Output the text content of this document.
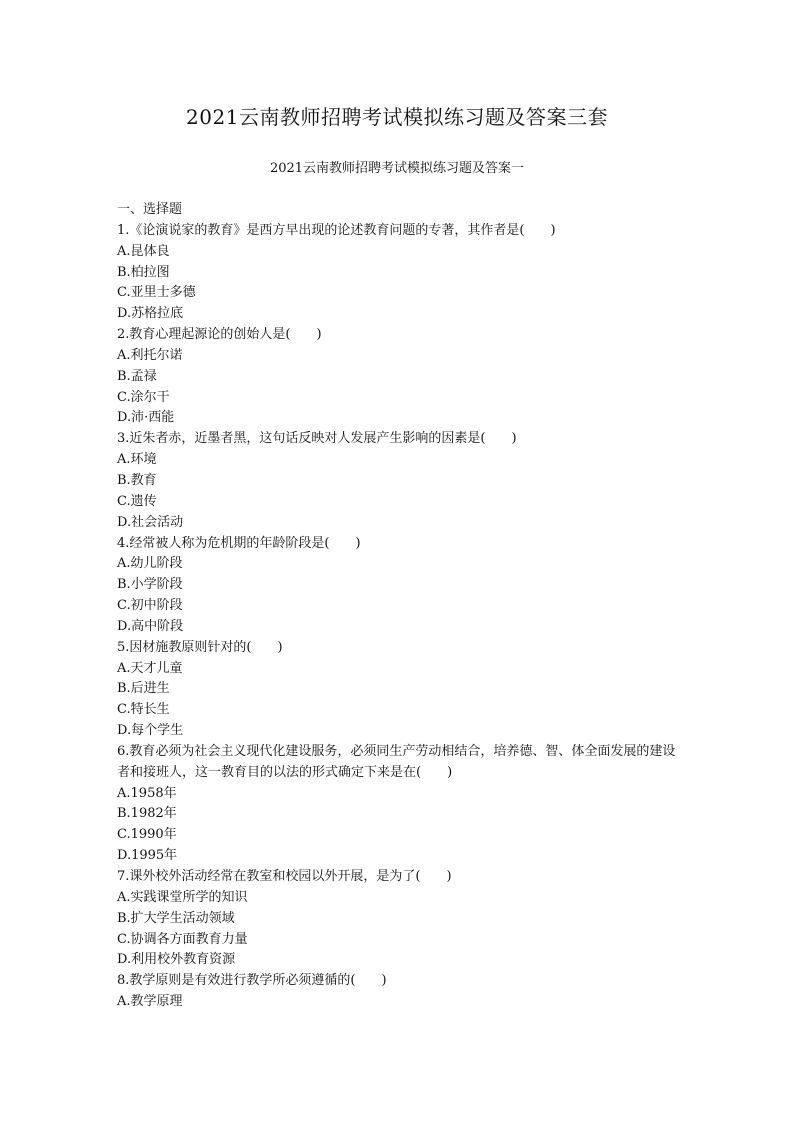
2021云南教师招聘考试模拟练习题及答案三套
2021云南教师招聘考试模拟练习题及答案一
一、选择题
1.《论演说家的教育》是西方早出现的论述教育问题的专著，其作者是(　　)
A.昆体良
B.柏拉图
C.亚里士多德
D.苏格拉底
2.教育心理起源论的创始人是(　　)
A.利托尔诺
B.孟禄
C.涂尔干
D.沛·西能
3.近朱者赤，近墨者黑，这句话反映对人发展产生影响的因素是(　　)
A.环境
B.教育
C.遗传
D.社会活动
4.经常被人称为危机期的年龄阶段是(　　)
A.幼儿阶段
B.小学阶段
C.初中阶段
D.高中阶段
5.因材施教原则针对的(　　)
A.天才儿童
B.后进生
C.特长生
D.每个学生
6.教育必须为社会主义现代化建设服务，必须同生产劳动相结合，培养德、智、体全面发展的建设者和接班人，这一教育目的以法的形式确定下来是在(　　)
A.1958年
B.1982年
C.1990年
D.1995年
7.课外校外活动经常在教室和校园以外开展，是为了(　　)
A.实践课堂所学的知识
B.扩大学生活动领域
C.协调各方面教育力量
D.利用校外教育资源
8.教学原则是有效进行教学所必须遵循的(　　)
A.教学原理
